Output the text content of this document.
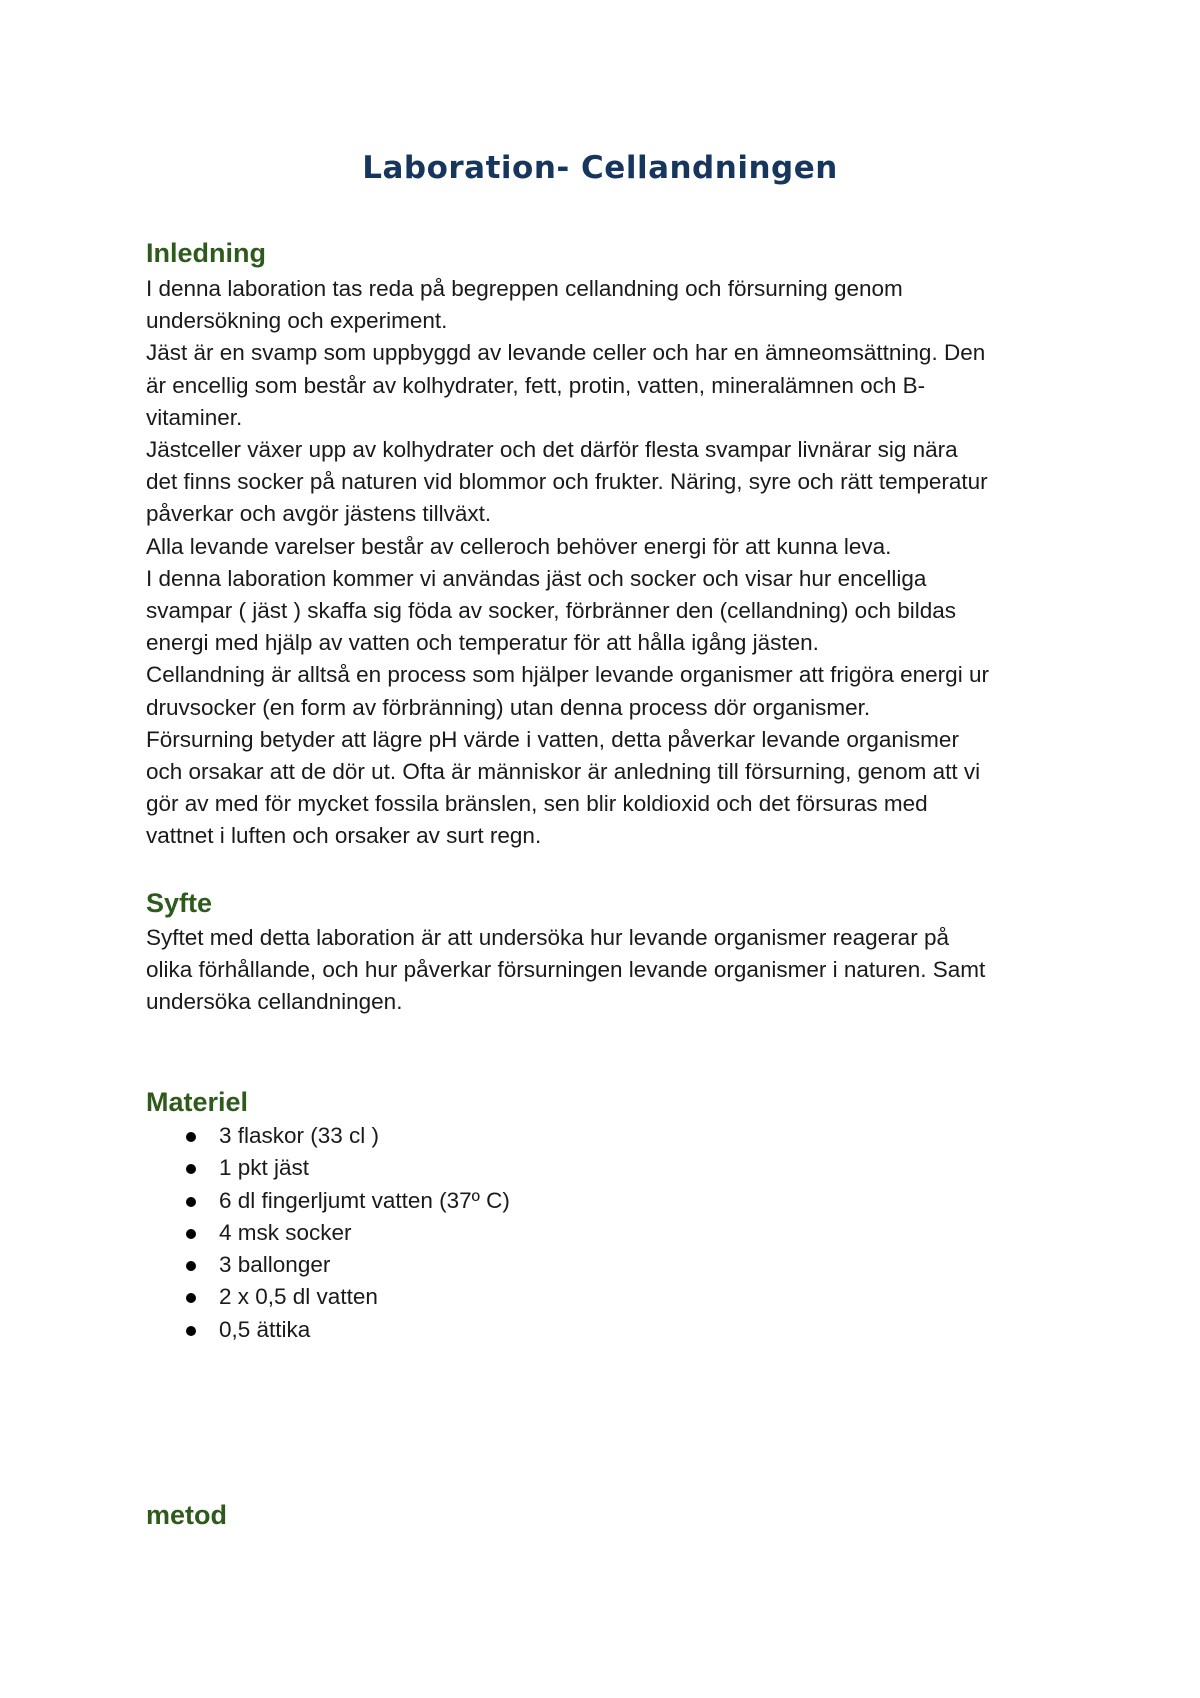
Laboration- Cellandningen
Inledning

I denna laboration tas reda på begreppen cellandning och försurning genom

undersökning och experiment.

Jäst är en svamp som uppbyggd av levande celler och har en ämneomsättning. Den

är encellig som består av kolhydrater, fett, protin, vatten, mineralämnen och B-

vitaminer.

Jästceller växer upp av kolhydrater och det därför flesta svampar livnärar sig nära

det finns socker på naturen vid blommor och frukter. Näring, syre och rätt temperatur

påverkar och avgör jästens tillväxt.

Alla levande varelser består av celleroch behöver energi för att kunna leva.

I denna laboration kommer vi användas jäst och socker och visar hur encelliga

svampar ( jäst ) skaffa sig föda av socker, förbränner den (cellandning) och bildas

energi med hjälp av vatten och temperatur för att hålla igång jästen.

Cellandning är alltså en process som hjälper levande organismer att frigöra energi ur

druvsocker (en form av förbränning) utan denna process dör organismer.

Försurning betyder att lägre pH värde i vatten, detta påverkar levande organismer

och orsakar att de dör ut. Ofta är människor är anledning till försurning, genom att vi

gör av med för mycket fossila bränslen, sen blir koldioxid och det försuras med

vattnet i luften och orsaker av surt regn.

Syfte

Syftet med detta laboration är att undersöka hur levande organismer reagerar på

olika förhållande, och hur påverkar försurningen levande organismer i naturen. Samt

undersöka cellandningen.

Materiel
3 flaskor (33 cl )
1 pkt jäst
6 dl fingerljumt vatten (37º C)
4 msk socker
3 ballonger
2 x 0,5 dl vatten
0,5 ättika
metod
